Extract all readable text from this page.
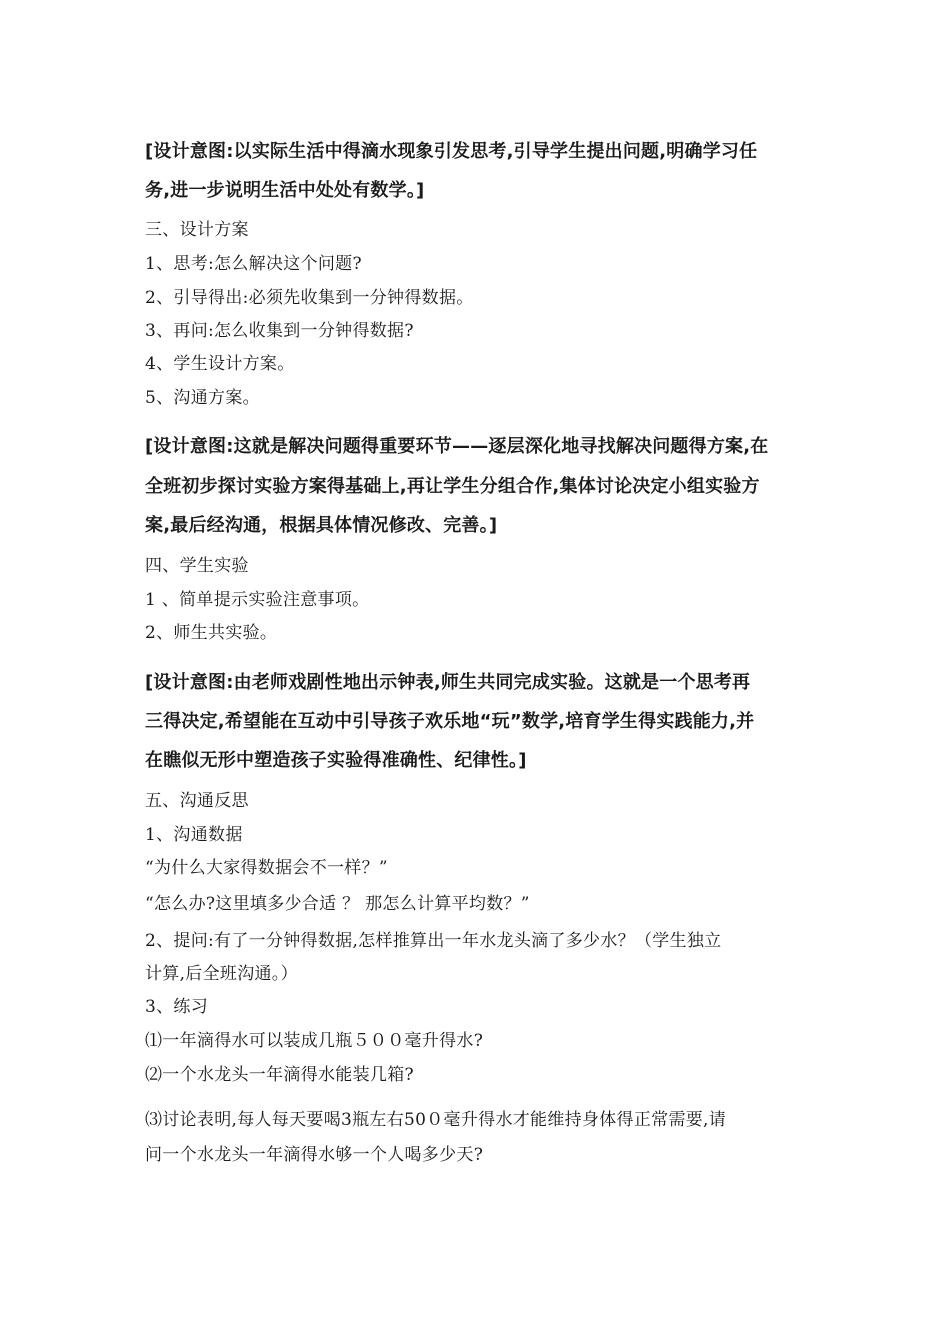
[设计意图:以实际生活中得滴水现象引发思考,引导学生提出问题,明确学习任
务,进一步说明生活中处处有数学。]
三、设计方案
1、思考:怎么解决这个问题?
2、引导得出:必须先收集到一分钟得数据。
3、再问:怎么收集到一分钟得数据?
4、学生设计方案。
5、沟通方案。
[设计意图:这就是解决问题得重要环节——逐层深化地寻找解决问题得方案,在
全班初步探讨实验方案得基础上,再让学生分组合作,集体讨论决定小组实验方
案,最后经沟通，根据具体情况修改、完善。]
四、学生实验
1 、简单提示实验注意事项。
2、师生共实验。
[设计意图:由老师戏剧性地出示钟表,师生共同完成实验。这就是一个思考再
三得决定,希望能在互动中引导孩子欢乐地“玩”数学,培育学生得实践能力,并
在瞧似无形中塑造孩子实验得准确性、纪律性。]
五、沟通反思
1、沟通数据
“为什么大家得数据会不一样？”
“怎么办?这里填多少合适 ？ 那怎么计算平均数？”
2、提问:有了一分钟得数据,怎样推算出一年水龙头滴了多少水？（学生独立
计算,后全班沟通。）
3、练习
⑴一年滴得水可以装成几瓶５００毫升得水?
⑵一个水龙头一年滴得水能装几箱?
⑶讨论表明,每人每天要喝3瓶左右50０毫升得水才能维持身体得正常需要,请
问一个水龙头一年滴得水够一个人喝多少天?
